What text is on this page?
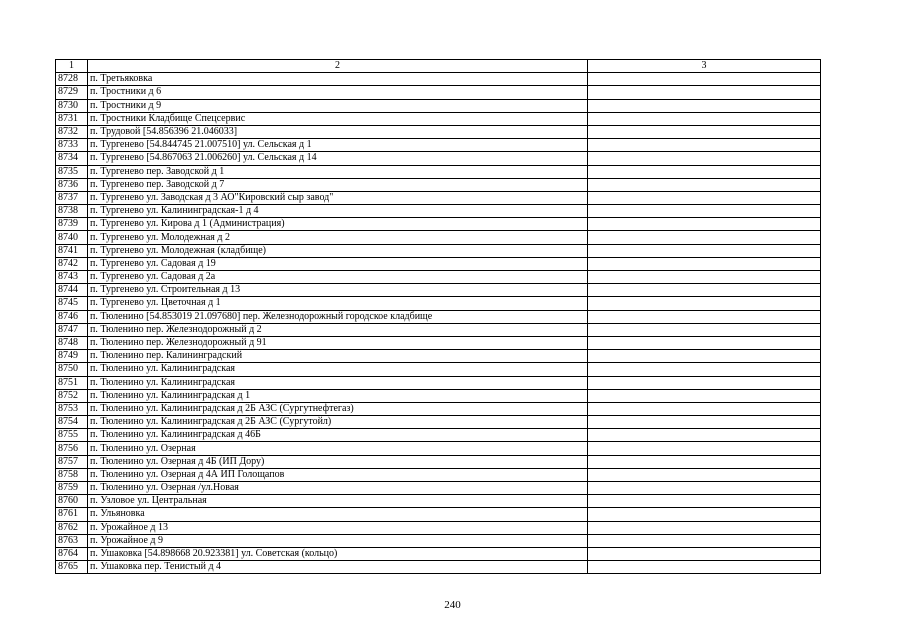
1	2	3
8728	п. Третьяковка	
8729	п. Тростники д 6	
8730	п. Тростники д 9	
8731	п. Тростники Кладбище Спецсервис	
8732	п. Трудовой [54.856396 21.046033]	
8733	п. Тургенево [54.844745 21.007510] ул. Сельская д 1	
8734	п. Тургенево [54.867063 21.006260] ул. Сельская д 14	
8735	п. Тургенево пер. Заводской д 1	
8736	п. Тургенево пер. Заводской д 7	
8737	п. Тургенево ул. Заводская д 3 АО"Кировский сыр завод"	
8738	п. Тургенево ул. Калининградская-1 д 4	
8739	п. Тургенево ул. Кирова д 1 (Администрация)	
8740	п. Тургенево ул. Молодежная д 2	
8741	п. Тургенево ул. Молодежная (кладбище)	
8742	п. Тургенево ул. Садовая д 19	
8743	п. Тургенево ул. Садовая д 2а	
8744	п. Тургенево ул. Строительная д 13	
8745	п. Тургенево ул. Цветочная д 1	
8746	п. Тюленино [54.853019 21.097680] пер. Железнодорожный городское кладбище	
8747	п. Тюленино пер. Железнодорожный д 2	
8748	п. Тюленино пер. Железнодорожный д 91	
8749	п. Тюленино пер. Калининградский	
8750	п. Тюленино ул. Калининградская	
8751	п. Тюленино ул. Калининградская	
8752	п. Тюленино ул. Калининградская д 1	
8753	п. Тюленино ул. Калининградская д 2Б АЗС (Сургутнефтегаз)	
8754	п. Тюленино ул. Калининградская д 2Б АЗС (Сургутойл)	
8755	п. Тюленино ул. Калининградская д 46Б	
8756	п. Тюленино ул. Озерная	
8757	п. Тюленино ул. Озерная д 4Б (ИП Дору)	
8758	п. Тюленино ул. Озерная д 4А ИП Голощапов	
8759	п. Тюленино ул. Озерная /ул.Новая	
8760	п. Узловое ул. Центральная	
8761	п. Ульяновка	
8762	п. Урожайное д 13	
8763	п. Урожайное д 9	
8764	п. Ушаковка [54.898668 20.923381] ул. Советская (кольцо)	
8765	п. Ушаковка пер. Тенистый д 4	
240
